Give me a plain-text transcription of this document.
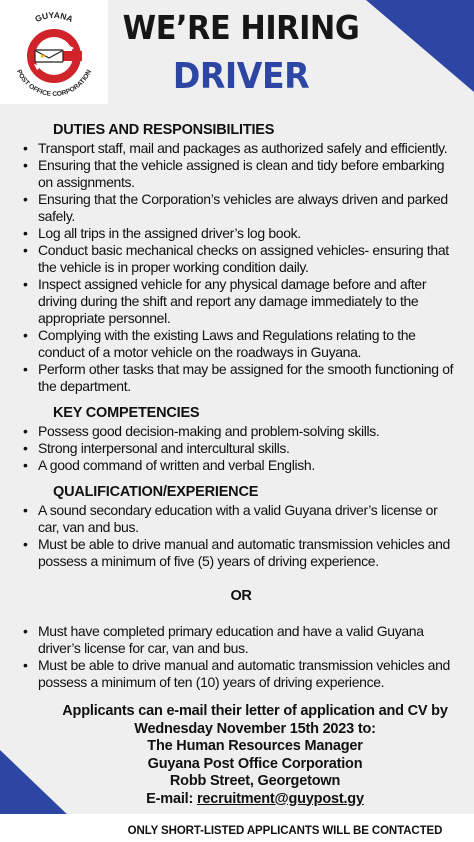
GUYANA
POST OFFICE CORPORATION
WE’RE HIRING
DRIVER
DUTIES AND RESPONSIBILITIES
• Transport staff, mail and packages as authorized safely and efficiently.
• Ensuring that the vehicle assigned is clean and tidy before embarking on assignments.
• Ensuring that the Corporation’s vehicles are always driven and parked safely.
• Log all trips in the assigned driver’s log book.
• Conduct basic mechanical checks on assigned vehicles- ensuring that the vehicle is in proper working condition daily.
• Inspect assigned vehicle for any physical damage before and after driving during the shift and report any damage immediately to the appropriate personnel.
• Complying with the existing Laws and Regulations relating to the conduct of a motor vehicle on the roadways in Guyana.
• Perform other tasks that may be assigned for the smooth functioning of the department.
KEY COMPETENCIES
• Possess good decision-making and problem-solving skills.
• Strong interpersonal and intercultural skills.
• A good command of written and verbal English.
QUALIFICATION/EXPERIENCE
• A sound secondary education with a valid Guyana driver’s license or car, van and bus.
• Must be able to drive manual and automatic transmission vehicles and possess a minimum of five (5) years of driving experience.
OR
• Must have completed primary education and have a valid Guyana driver’s license for car, van and bus.
• Must be able to drive manual and automatic transmission vehicles and possess a minimum of ten (10) years of driving experience.
Applicants can e-mail their letter of application and CV by
Wednesday November 15th 2023 to:
The Human Resources Manager
Guyana Post Office Corporation
Robb Street, Georgetown
E-mail: recruitment@guypost.gy
ONLY SHORT-LISTED APPLICANTS WILL BE CONTACTED
